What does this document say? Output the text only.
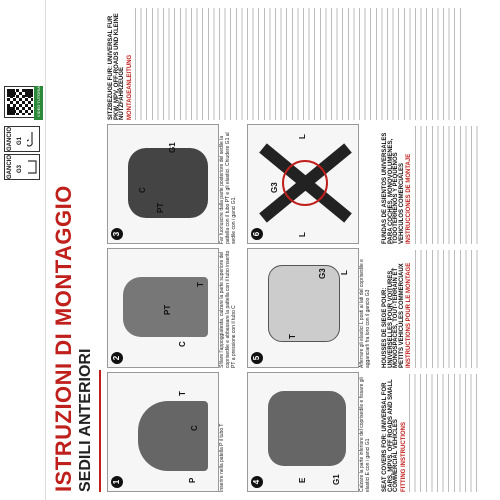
VIDEO TUTORIAL
GANCIO G1
GANCIO G3
ISTRUZIONI DI MONTAGGIO SEDILI ANTERIORI 1	P
C
T
Inserire nella patella P il tubo T
2
C
PT
T	Sfilare l'appoggiatesta, calzare la parte superiore del coprisedile e abbassare la pattella con il tubo inserito PT a pressione con il tubo C
3
PT
C
G1	Far fuoriuscire dalla parte posteriore del sedile la pattella con il tubo PT e gli elastici. Chiudere G1 al sedile con i ganci G1.
4	E	G1	Calzare la parte inferiore del coprisedile e fissare gli elastici E con i ganci G1
5
T
G3 L Afferrare gli elastici L posti ai lati del coprisedile e agganciarli fra loro con il gancio G3
6	L
G3
L
SEAT COVERS FOR: UNIVERSAL FOR CARS, MPVS, OFF ROADS AND SMALL COMMERCIAL VEHICLES FITTING INSTRUCTIONS
HOUSSES DE SIEGE POUR: UNIVERSELLES POUR VOITURES, MONOSPACES, TOUT-TERRAIN ET PETITS VEHICULES COMMERCIAUX INSTRUCTIONS POUR LE MONTAGE
FUNDAS DE ASIENTOS UNIVERSALES PARA COCHES, MONOVOLUMENES, TODOTERRENOS Y PEQUENOS VEHICULOS COMERCIALES INSTRUCCIONES DE MONTAJE
SITZBEZUGE FUR: UNIVERSAL FUR PKW, MPV, OFF-ROADS UND KLEINE NUTZFAHRZEUGE MONTAGEANLEITUNG
